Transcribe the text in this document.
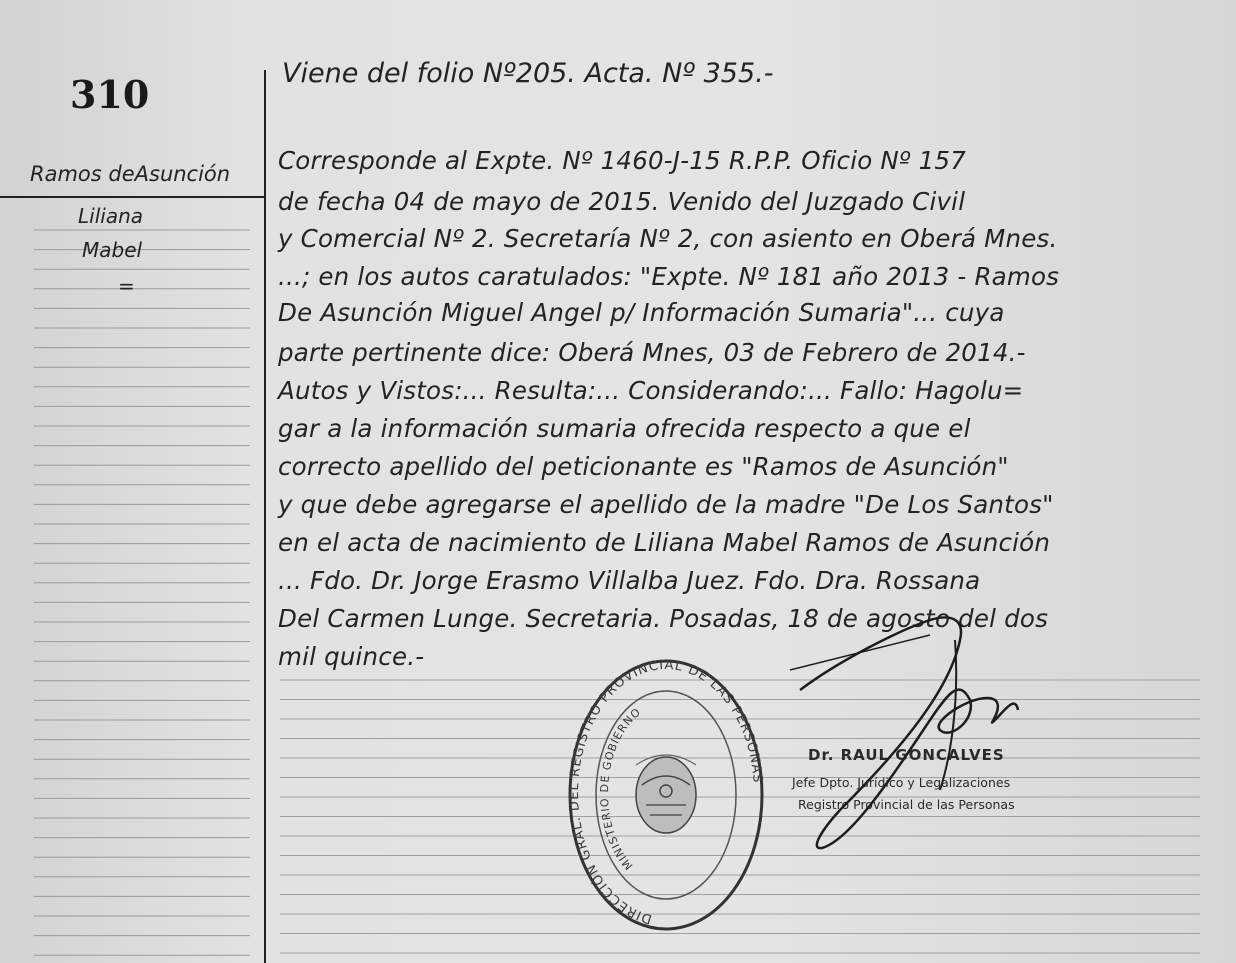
310
Ramos deAsunción
Liliana
Mabel
=
Viene del folio Nº205. Acta. Nº 355.-
Corresponde al Expte. Nº 1460-J-15 R.P.P. Oficio Nº 157
de fecha 04 de mayo de 2015. Venido del Juzgado Civil
y Comercial Nº 2. Secretaría Nº 2, con asiento en Oberá Mnes.
...; en los autos caratulados: "Expte. Nº 181 año 2013 - Ramos
De Asunción Miguel Angel p/ Información Sumaria"... cuya
parte pertinente dice: Oberá Mnes, 03 de Febrero de 2014.-
Autos y Vistos:... Resulta:... Considerando:... Fallo: Hagolu=
gar a la información sumaria ofrecida respecto a que el
correcto apellido del peticionante es "Ramos de Asunción"
y que debe agregarse el apellido de la madre "De Los Santos"
en el acta de nacimiento de Liliana Mabel Ramos de Asunción
... Fdo. Dr. Jorge Erasmo Villalba Juez. Fdo. Dra. Rossana
Del Carmen Lunge. Secretaria. Posadas, 18 de agosto del dos
mil quince.-
DIRECCIÓN GRAL. DEL REGISTRO PROVINCIAL DE LAS PERSONAS
MINISTERIO DE GOBIERNO
Dr. RAUL GONCALVES
Jefe Dpto. Jurídico y Legalizaciones
Registro Provincial de las Personas
